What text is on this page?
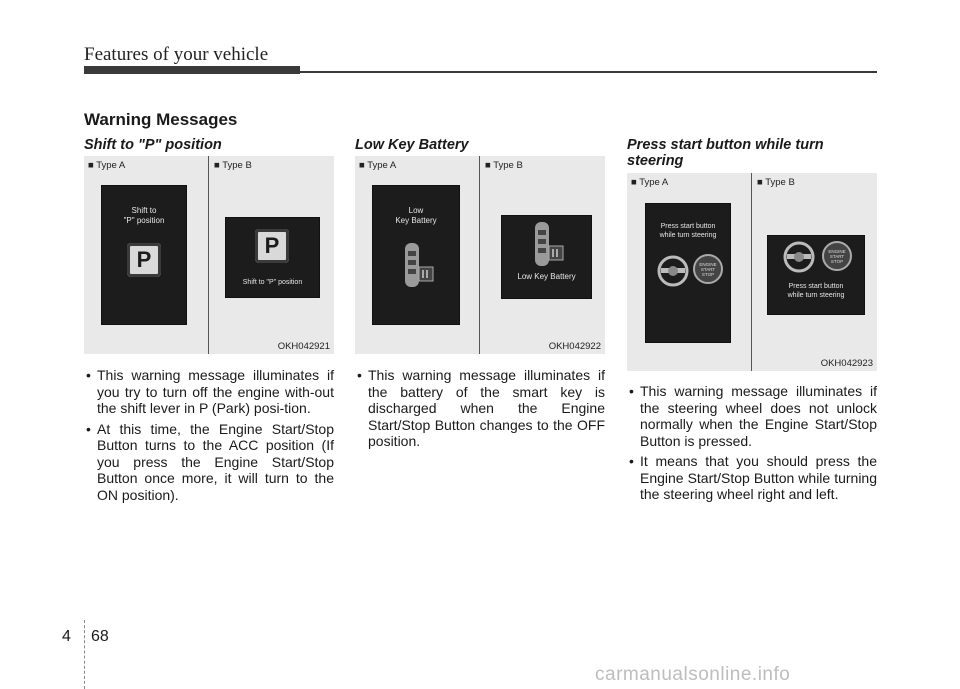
Features of your vehicle
Warning Messages

Shift to "P" position

■ Type A	■ Type B
Shift to
"P" position
P
P
Shift to "P" position
OKH042921
• This warning message illuminates if you try to turn off the engine with-out the shift lever in P (Park) posi-tion.
• At this time, the Engine Start/Stop Button turns to the ACC position (If you press the Engine Start/Stop Button once more, it will turn to the ON position).

Low Key Battery

■ Type A	■ Type B
Low
Key Battery
Low Key Battery
OKH042922
• This warning message illuminates if the battery of the smart key is discharged when the Engine Start/Stop Button changes to the OFF position.

Press start button while turn steering

■ Type A	■ Type B
Press start button
while turn steering
ENGINE
START
STOP
ENGINE
START
STOP
Press start button
while turn steering
OKH042923
• This warning message illuminates if the steering wheel does not unlock normally when the Engine Start/Stop Button is pressed.
• It means that you should press the Engine Start/Stop Button while turning the steering wheel right and left.
4 68
carmanualsonline.info
